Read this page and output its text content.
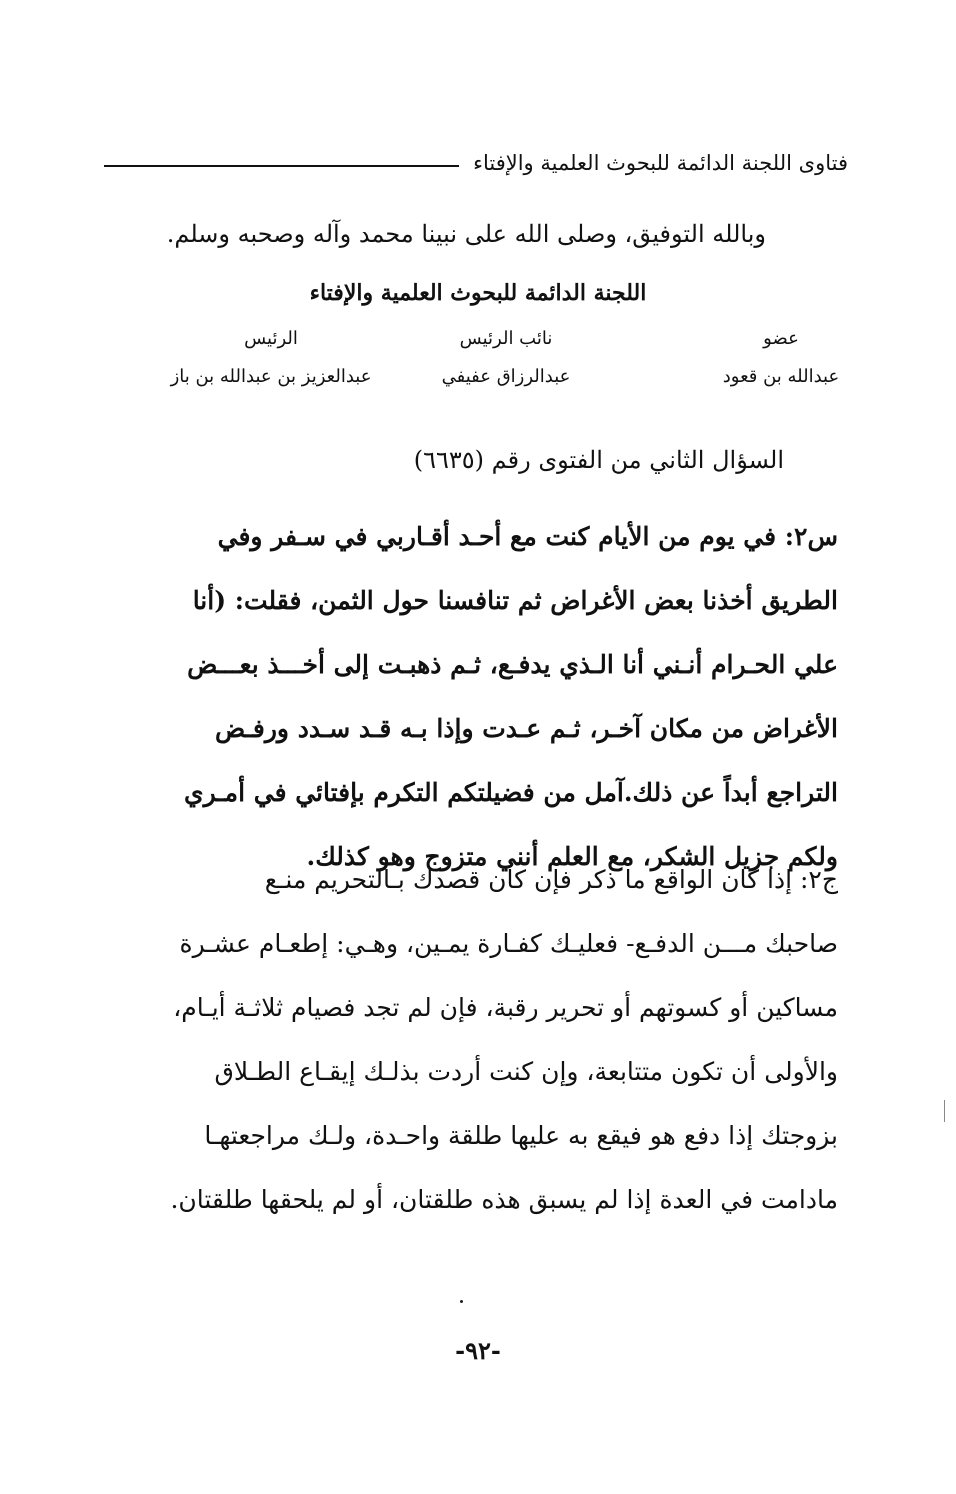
فتاوى اللجنة الدائمة للبحوث العلمية والإفتاء
وبالله التوفيق، وصلى الله على نبينا محمد وآله وصحبه وسلم.
اللجنة الدائمة للبحوث العلمية والإفتاء
عضو
عبدالله بن قعود
نائب الرئيس
عبدالرزاق عفيفي
الرئيس
عبدالعزيز بن عبدالله بن باز
السؤال الثاني من الفتوى رقم (٦٦٣٥)
س٢: في يوم من الأيام كنت مع أحـد أقـاربي في سـفر وفي
الطريق أخذنا بعض الأغراض ثم تنافسنا حول الثمن، فقلت: (أنا
علي الحـرام أنـني أنا الـذي يدفـع، ثـم ذهبـت إلى أخـــذ بعـــض
الأغراض من مكان آخـر، ثـم عـدت وإذا بـه قـد سـدد ورفـض
التراجع أبداً عن ذلك.آمل من فضيلتكم التكرم بإفتائي في أمـري
ولكم جزيل الشكر، مع العلم أنني متزوج وهو كذلك.
ج٢: إذا كان الواقع ما ذكر فإن كان قصدك بـالتحريم منـع
صاحبك مـــن الدفـع- فعليـك كفـارة يمـين، وهـي: إطعـام عشـرة
مساكين أو كسوتهم أو تحرير رقبة، فإن لم تجد فصيام ثلاثـة أيـام،
والأولى أن تكون متتابعة، وإن كنت أردت بذلـك إيقـاع الطـلاق
بزوجتك إذا دفع هو فيقع به عليها طلقة واحـدة، ولـك مراجعتهـا
مادامت في العدة إذا لم يسبق هذه طلقتان، أو لم يلحقها طلقتان.
-٩٢-
